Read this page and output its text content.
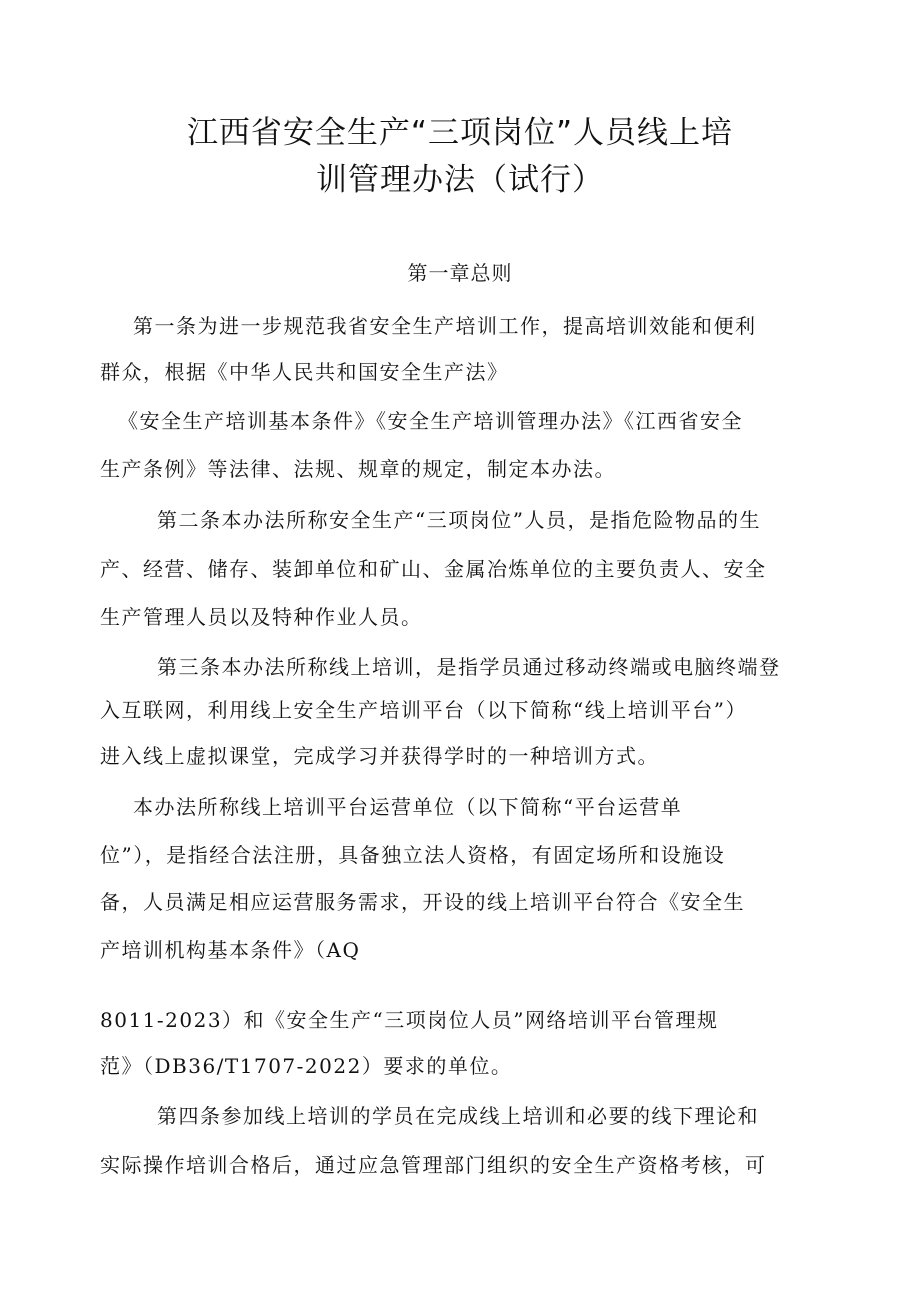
江西省安全生产“三项岗位”人员线上培
训管理办法（试行）
第一章总则
第一条为进一步规范我省安全生产培训工作，提高培训效能和便利
群众，根据《中华人民共和国安全生产法》
《安全生产培训基本条件》《安全生产培训管理办法》《江西省安全
生产条例》等法律、法规、规章的规定，制定本办法。
第二条本办法所称安全生产“三项岗位”人员，是指危险物品的生
产、经营、储存、装卸单位和矿山、金属冶炼单位的主要负责人、安全
生产管理人员以及特种作业人员。
第三条本办法所称线上培训，是指学员通过移动终端或电脑终端登
入互联网，利用线上安全生产培训平台（以下简称“线上培训平台”）
进入线上虚拟课堂，完成学习并获得学时的一种培训方式。
本办法所称线上培训平台运营单位（以下简称“平台运营单
位”），是指经合法注册，具备独立法人资格，有固定场所和设施设
备，人员满足相应运营服务需求，开设的线上培训平台符合《安全生
产培训机构基本条件》（AQ
8011-2023）和《安全生产“三项岗位人员”网络培训平台管理规
范》（DB36/T1707-2022）要求的单位。
第四条参加线上培训的学员在完成线上培训和必要的线下理论和
实际操作培训合格后，通过应急管理部门组织的安全生产资格考核，可
